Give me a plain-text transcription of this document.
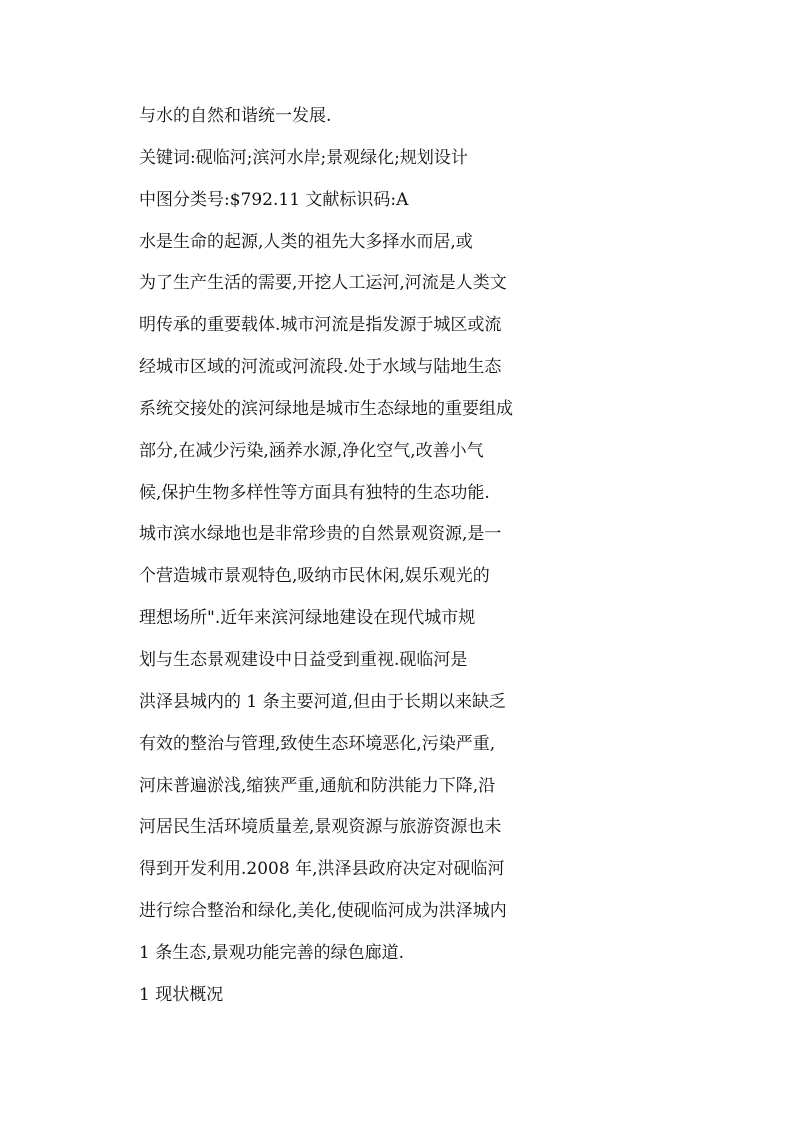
与水的自然和谐统一发展.
关键词:砚临河;滨河水岸;景观绿化;规划设计
中图分类号:$792.11 文献标识码:A
水是生命的起源,人类的祖先大多择水而居,或
为了生产生活的需要,开挖人工运河,河流是人类文
明传承的重要载体.城市河流是指发源于城区或流
经城市区域的河流或河流段.处于水域与陆地生态
系统交接处的滨河绿地是城市生态绿地的重要组成
部分,在减少污染,涵养水源,净化空气,改善小气
候,保护生物多样性等方面具有独特的生态功能.
城市滨水绿地也是非常珍贵的自然景观资源,是一
个营造城市景观特色,吸纳市民休闲,娱乐观光的
理想场所".近年来滨河绿地建设在现代城市规
划与生态景观建设中日益受到重视.砚临河是
洪泽县城内的 1 条主要河道,但由于长期以来缺乏
有效的整治与管理,致使生态环境恶化,污染严重,
河床普遍淤浅,缩狭严重,通航和防洪能力下降,沿
河居民生活环境质量差,景观资源与旅游资源也未
得到开发利用.2008 年,洪泽县政府决定对砚临河
进行综合整治和绿化,美化,使砚临河成为洪泽城内
1 条生态,景观功能完善的绿色廊道.
1 现状概况
